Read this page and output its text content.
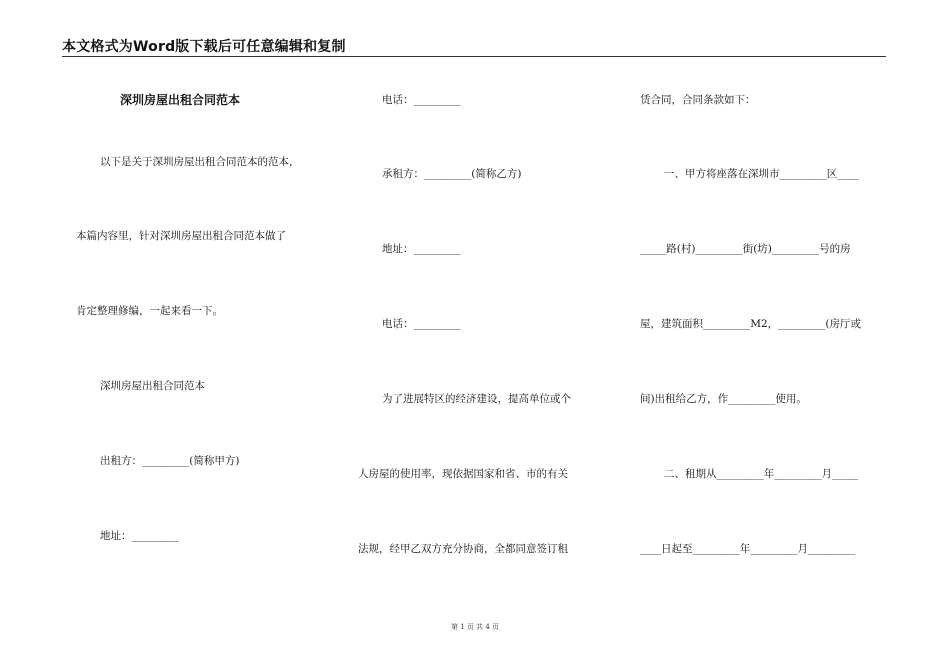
本文格式为Word版下载后可任意编辑和复制
深圳房屋出租合同范本
以下是关于深圳房屋出租合同范本的范本，
本篇内容里，针对深圳房屋出租合同范本做了
肯定整理修编，一起来看一下。
深圳房屋出租合同范本
出租方：_________(简称甲方)
地址：_________
电话：_________
承租方：_________(简称乙方)
地址：_________
电话：_________
为了进展特区的经济建设，提高单位或个
人房屋的使用率，现依据国家和省、市的有关
法规，经甲乙双方充分协商，全都同意签订租
赁合同，合同条款如下：
一、甲方将座落在深圳市_________区____
_____路(村)_________街(坊)_________号的房
屋，建筑面积_________M2，_________(房厅或
间)出租给乙方，作_________使用。
二、租期从_________年_________月_____
____日起至_________年_________月_________
第 1 页 共 4 页
